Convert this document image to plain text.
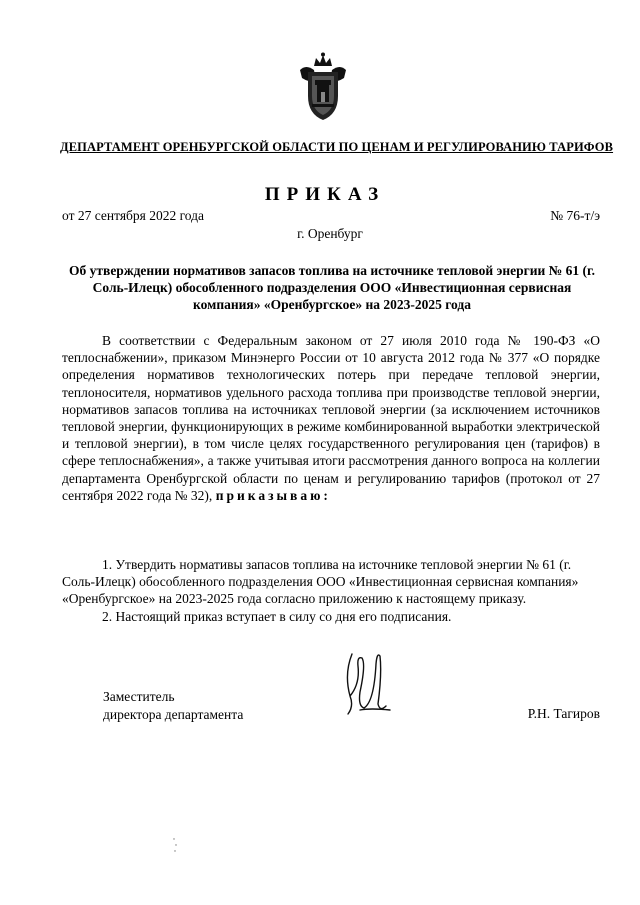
ДЕПАРТАМЕНТ ОРЕНБУРГСКОЙ ОБЛАСТИ ПО ЦЕНАМ И РЕГУЛИРОВАНИЮ ТАРИФОВ
ПРИКАЗ
от 27 сентября 2022 года	№ 76-т/э
г. Оренбург
Об утверждении нормативов запасов топлива на источнике тепловой энергии № 61 (г. Соль-Илецк) обособленного подразделения ООО «Инвестиционная сервисная компания» «Оренбургское» на 2023-2025 года
В соответствии с Федеральным законом от 27 июля 2010 года № 190-ФЗ «О теплоснабжении», приказом Минэнерго России от 10 августа 2012 года № 377 «О порядке определения нормативов технологических потерь при передаче тепловой энергии, теплоносителя, нормативов удельного расхода топлива при производстве тепловой энергии, нормативов запасов топлива на источниках тепловой энергии (за исключением источников тепловой энергии, функционирующих в режиме комбинированной выработки электрической и тепловой энергии), в том числе целях государственного регулирования цен (тарифов) в сфере теплоснабжения», а также учитывая итоги рассмотрения данного вопроса на коллегии департамента Оренбургской области по ценам и регулированию тарифов (протокол от 27 сентября 2022 года № 32), приказываю:

1. Утвердить нормативы запасов топлива на источнике тепловой энергии № 61 (г. Соль-Илецк) обособленного подразделения ООО «Инвестиционная сервисная компания» «Оренбургское» на 2023-2025 года согласно приложению к настоящему приказу.

2. Настоящий приказ вступает в силу со дня его подписания.

Заместитель
директора департамента	Р.Н. Тагиров
